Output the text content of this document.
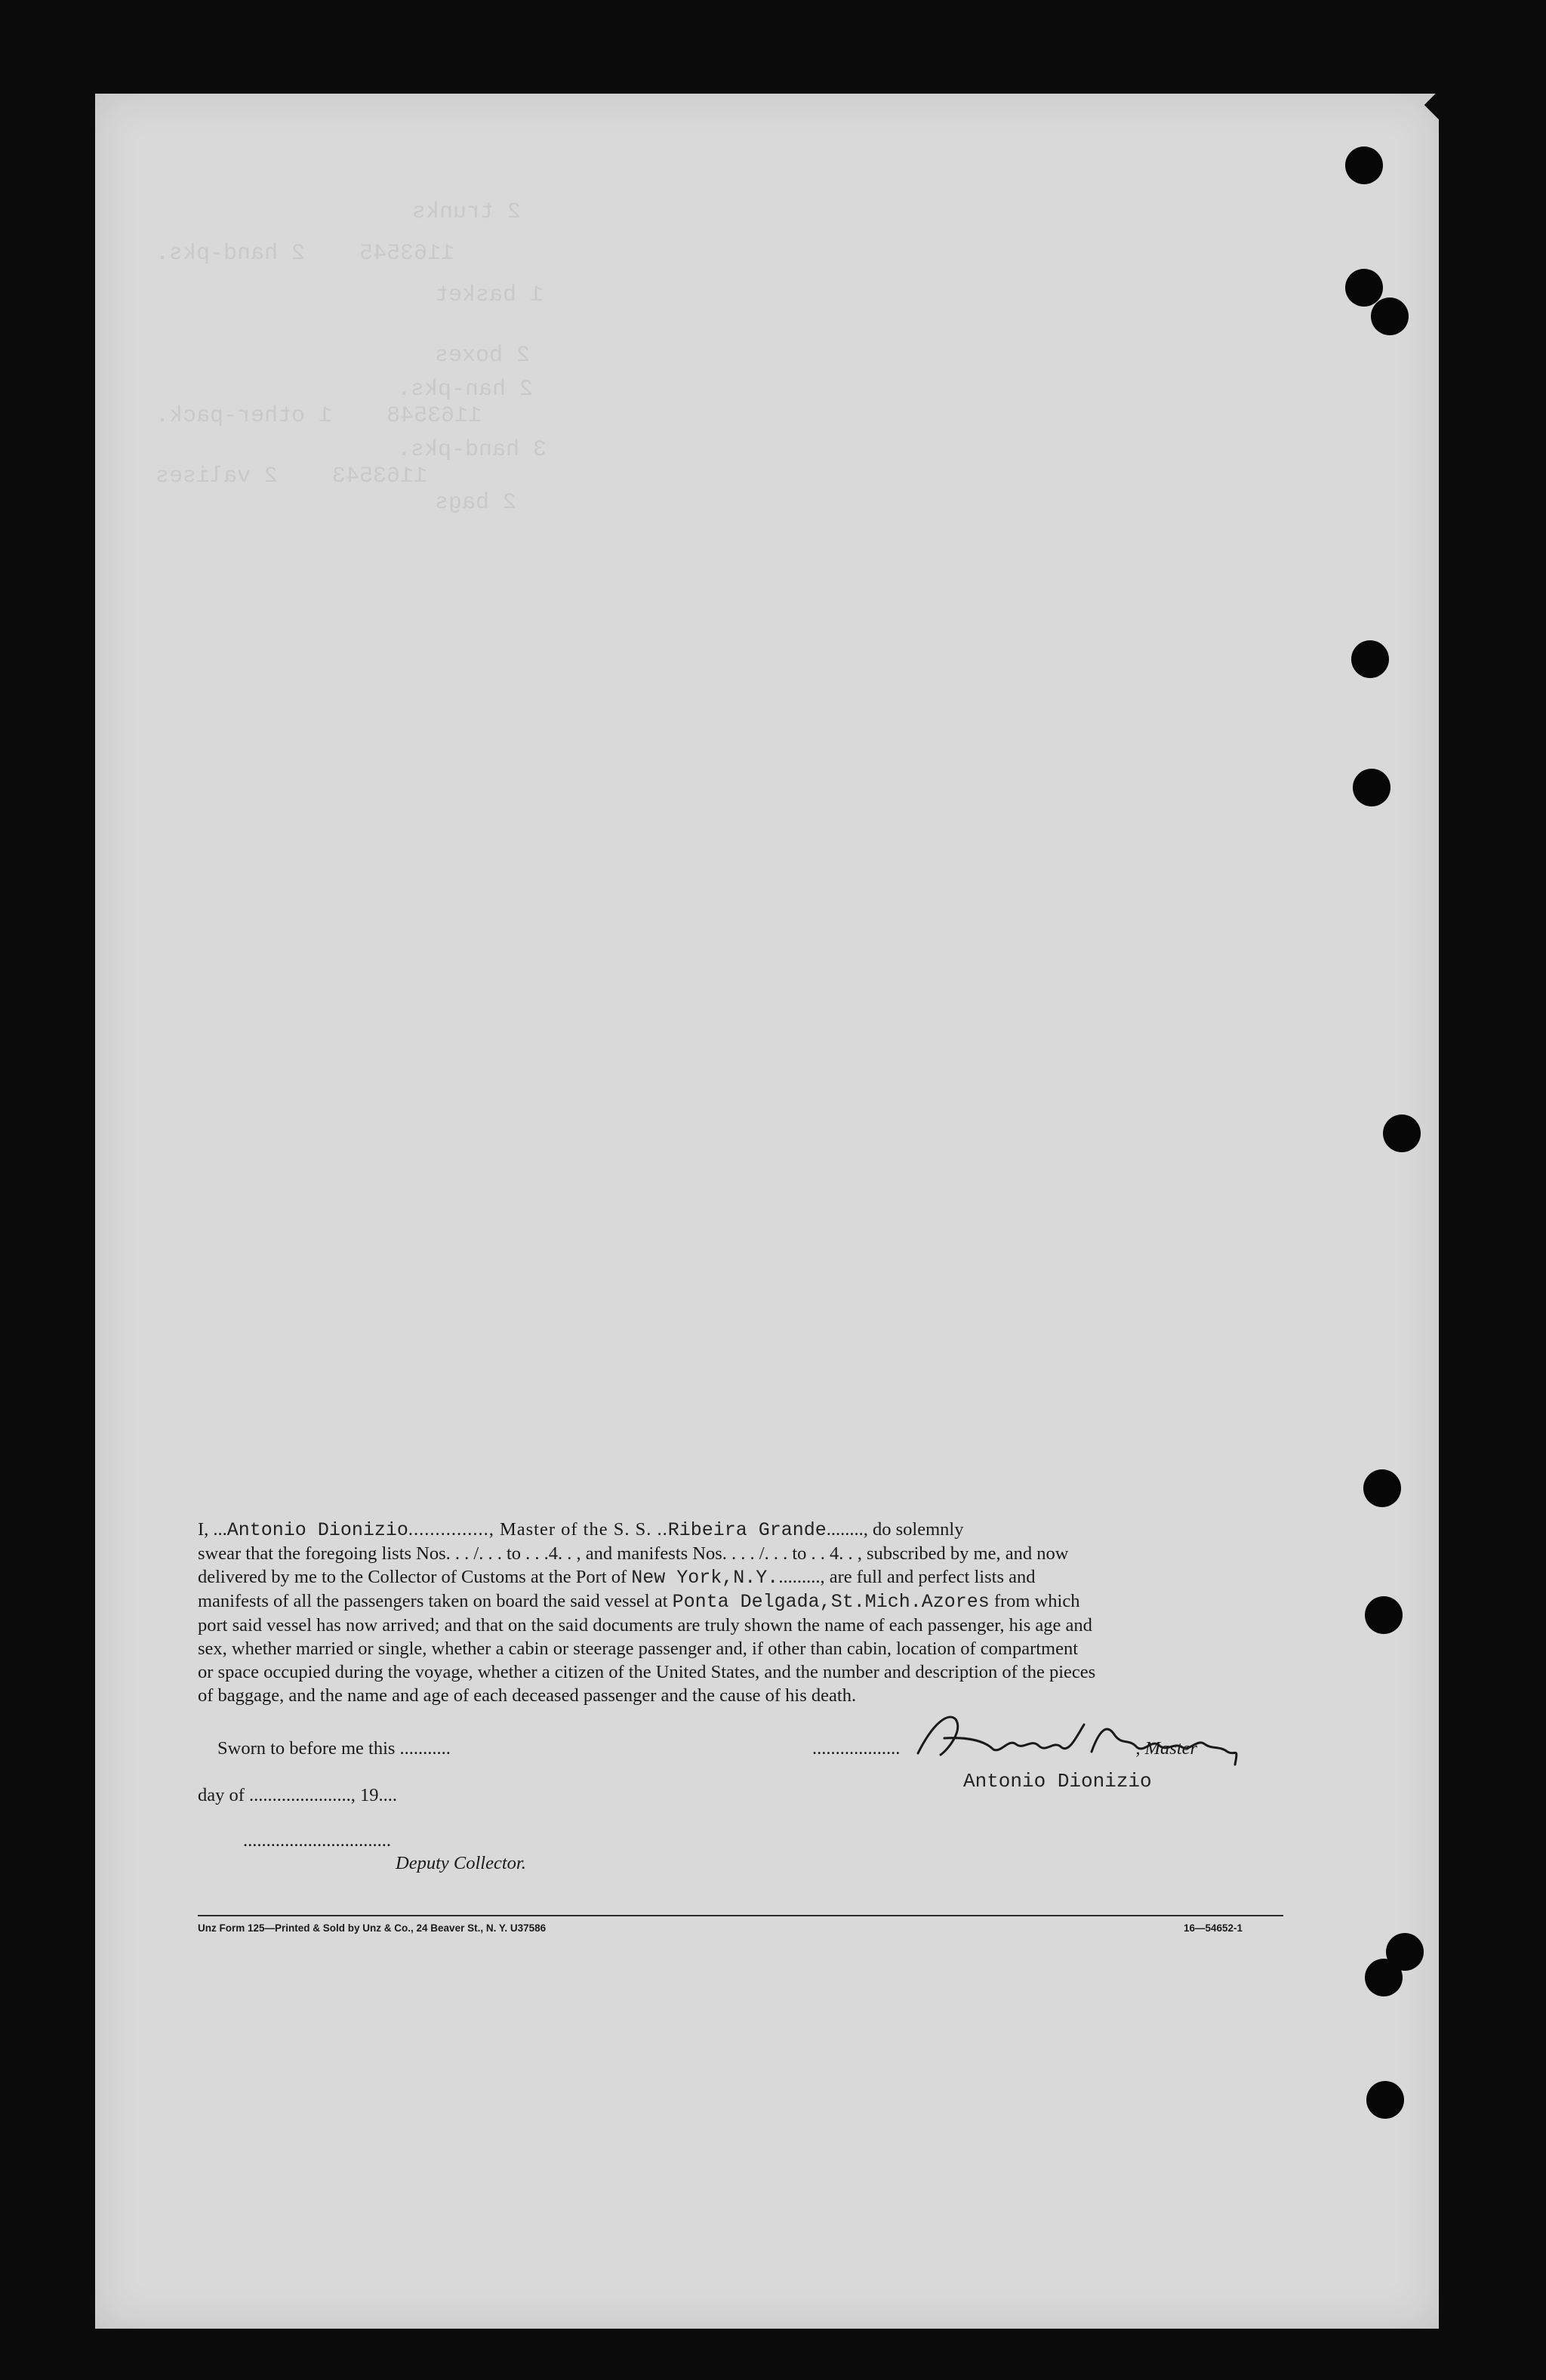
2 trunks
1163545    2 hand-pks.
1 basket
2 boxes
2 han-pks.
1163548    1 other-pack.
3 hand-pks.
1163543    2 valises
2 bags
I, ...Antonio Dionizio..............., Master of the S. S. ..Ribeira Grande........, do solemnly
swear that the foregoing lists Nos. . . /. . . to . . .4. . , and manifests Nos. . . . /. . . to . . 4. . , subscribed by me, and now
delivered by me to the Collector of Customs at the Port of New York,N.Y.........., are full and perfect lists and
manifests of all the passengers taken on board the said vessel at Ponta Delgada,St.Mich.Azores from which
port said vessel has now arrived; and that on the said documents are truly shown the name of each passenger, his age and
sex, whether married or single, whether a cabin or steerage passenger and, if other than cabin, location of compartment
or space occupied during the voyage, whether a citizen of the United States, and the number and description of the pieces
of baggage, and the name and age of each deceased passenger and the cause of his death.
Sworn to before me this ...........
day of ......................, 19....
................................
Deputy Collector.
...................	, Master
Antonio Dionizio
Unz Form 125—Printed & Sold by Unz & Co., 24 Beaver St., N. Y. U37586	16—54652-1
